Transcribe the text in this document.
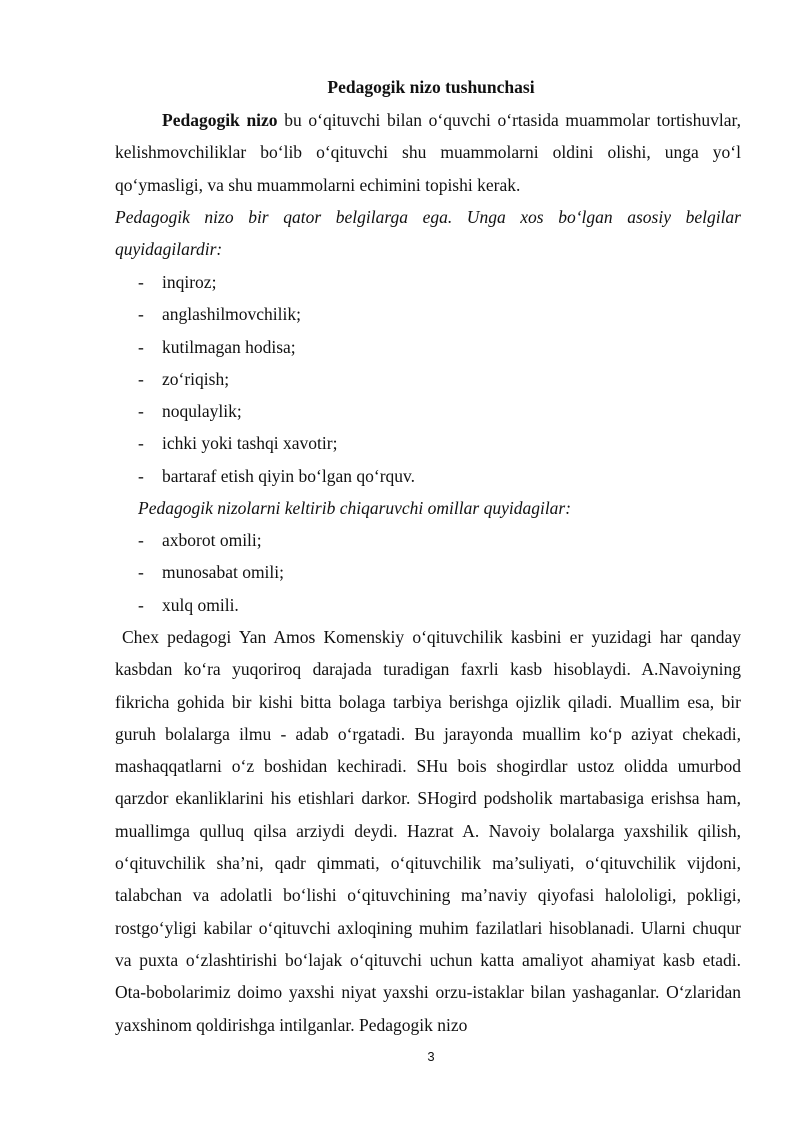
Pedagogik nizo tushunchasi

Pedagogik nizo bu o‘qituvchi bilan o‘quvchi o‘rtasida muammolar tortishuvlar, kelishmovchiliklar bo‘lib o‘qituvchi shu muammolarni oldini olishi, unga yo‘l qo‘ymasligi, va shu muammolarni echimini topishi kerak.

Pedagogik nizo bir qator belgilarga ega. Unga xos bo‘lgan asosiy belgilar quyidagilardir:

- inqiroz;
- anglashilmovchilik;
- kutilmagan hodisa;
- zo‘riqish;
- noqulaylik;
- ichki yoki tashqi xavotir;
- bartaraf etish qiyin bo‘lgan qo‘rquv.

Pedagogik nizolarni keltirib chiqaruvchi omillar quyidagilar:

- axborot omili;
- munosabat omili;
- xulq omili.

Chex pedagogi Yan Amos Komenskiy o‘qituvchilik kasbini er yuzidagi har qanday kasbdan ko‘ra yuqoriroq darajada turadigan faxrli kasb hisoblaydi. A.Navoiyning fikricha gohida bir kishi bitta bolaga tarbiya berishga ojizlik qiladi. Muallim esa, bir guruh bolalarga ilmu - adab o‘rgatadi. Bu jarayonda muallim ko‘p aziyat chekadi, mashaqqatlarni o‘z boshidan kechiradi. SHu bois shogirdlar ustoz olidda umurbod qarzdor ekanliklarini his etishlari darkor. SHogird podsholik martabasiga erishsa ham, muallimga qulluq qilsa arziydi deydi. Hazrat A. Navoiy bolalarga yaxshilik qilish, o‘qituvchilik sha’ni, qadr qimmati, o‘qituvchilik ma’suliyati, o‘qituvchilik vijdoni, talabchan va adolatli bo‘lishi o‘qituvchining ma’naviy qiyofasi halololigi, pokligi, rostgo‘yligi kabilar o‘qituvchi axloqining muhim fazilatlari hisoblanadi. Ularni chuqur va puxta o‘zlashtirishi bo‘lajak o‘qituvchi uchun katta amaliyot ahamiyat kasb etadi. Ota-bobolarimiz doimo yaxshi niyat yaxshi orzu-istaklar bilan yashaganlar. O‘zlaridan yaxshinom qoldirishga intilganlar. Pedagogik nizo

3
